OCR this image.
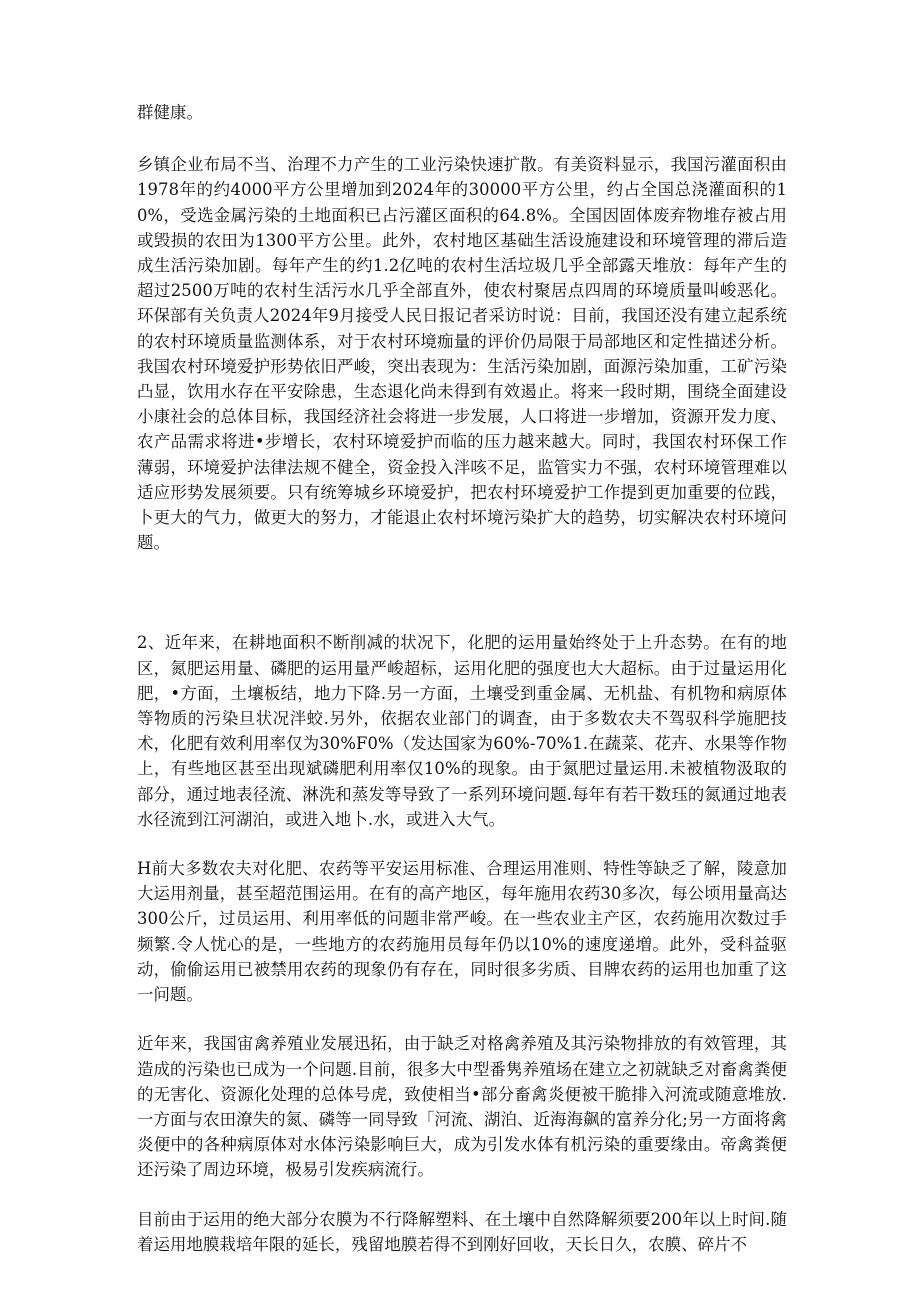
群健康。

乡镇企业布局不当、治理不力产生的工业污染快速扩散。有美资料显示，我国污灌面积由1978年的约4000平方公里增加到2024年的30000平方公里，约占全国总浇灌面积的10%，受选金属污染的土地面积已占污灌区面积的64.8%。全国因固体废弃物堆存被占用或毁损的农田为1300平方公里。此外，农村地区基础生活设施建设和环境管理的滞后造成生活污染加剧。每年产生的约1.2亿吨的农村生活垃圾几乎全部露天堆放：每年产生的超过2500万吨的农村生活污水几乎全部直外，使农村聚居点四周的环境质量叫峻恶化。环保部有关负责人2024年9月接受人民日报记者采访时说：目前，我国还没有建立起系统的农村环境质量监测体系，对于农村环境痂量的评价仍局限于局部地区和定性描述分析。我国农村环境爱护形势依旧严峻，突出表现为：生活污染加剧，面源污染加重，工矿污染凸显，饮用水存在平安除患，生态退化尚未得到有效遏止。将来一段时期，围绕全面建设小康社会的总体目标，我国经济社会将进一步发展，人口将进一步增加，资源开发力度、农产品需求将进•步增长，农村环境爱护而临的压力越来越大。同时，我国农村环保工作薄弱，环境爱护法律法规不健全，资金投入泮咳不足，监管实力不强，农村环境管理难以适应形势发展须要。只有统筹城乡环境爱护，把农村环境爱护工作提到更加重要的位践，卜更大的气力，做更大的努力，才能退止农村坏境污染扩大的趋势，切实解决农村环境问题。

2、近年来，在耕地面积不断削减的状况下，化肥的运用量始终处于上升态势。在有的地区，氮肥运用量、磷肥的运用量严峻超标，运用化肥的强度也大大超标。由于过量运用化肥，•方面，土壤板结，地力下降.另一方面，土壤受到重金属、无机盐、有机物和病原体等物质的污染旦状况泮蛟.另外，依据农业部门的调査，由于多数农夫不驾驭科学施肥技术，化肥有效利用率仅为30%F0%（发达国家为60%-70%1.在蔬菜、花卉、水果等作物上，有些地区甚至出现斌磷肥利用率仅10%的现象。由于氮肥过量运用.未被植物汲取的部分，通过地表径流、淋洗和蒸发等导致了一系列环境问题.每年有若干数珏的氮通过地表水径流到江河湖泊，或进入地卜.水，或进入大气。

H前大多数农夫对化肥、农药等平安运用标准、合理运用准则、特性等缺乏了解，陵意加大运用剂量，甚至超范围运用。在有的高产地区，每年施用农药30多次，每公顷用量高达300公斤，过员运用、利用率低的问题非常严峻。在一些农业主产区，农药施用次数过手频繁.令人忧心的是，一些地方的农药施用员每年仍以10%的速度递増。此外，受科益驱动，偷偷运用已被禁用农药的现象仍有存在，同时很多劣质、目牌农药的运用也加重了这一问题。

近年来，我国宙禽养殖业发展迅拓，由于缺乏对格禽养殖及其污染物排放的有效管理，其造成的污染也已成为一个问题.目前，很多大中型番隽养殖场在建立之初就缺乏对畜禽粪便的无害化、资源化处理的总体号虎，致使相当•部分畜禽炎便被干脆排入河流或随意堆放.一方面与农田潦失的氮、磷等一同导致「河流、湖泊、近海海飙的富养分化;另一方面将禽炎便中的各种病原体对水体污染影响巨大，成为引发水体有机污染的重要缘由。帝禽粪便还污染了周边环境，极易引发疾病流行。

目前由于运用的绝大部分农膜为不行降解塑料、在土壤中自然降解须要200年以上时间.随着运用地膜栽培年限的延长，残留地膜若得不到刚好回收，天长日久，农膜、碎片不
